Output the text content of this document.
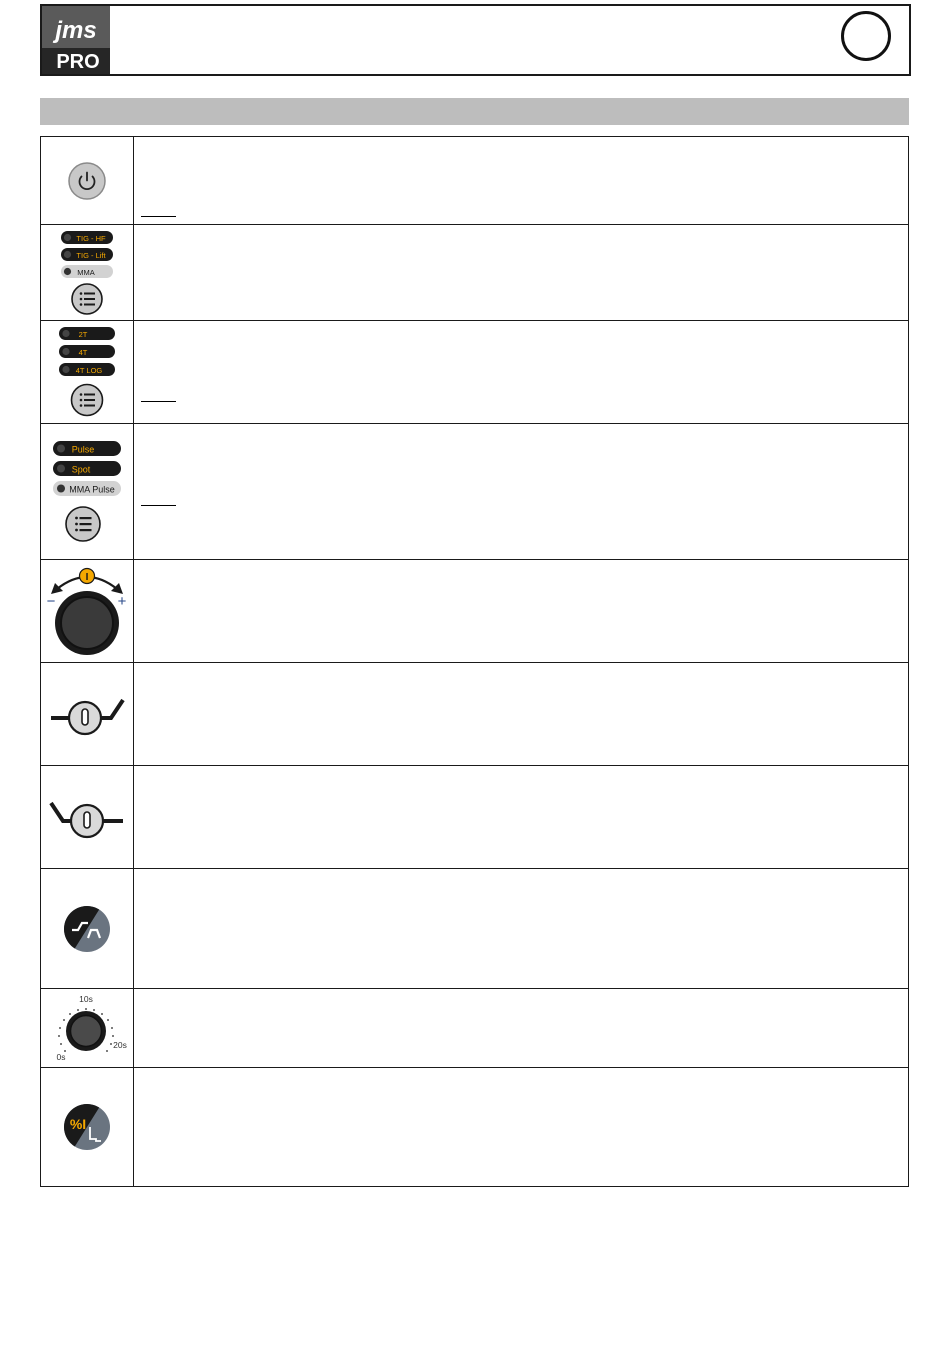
jms
PRO

TIG - HF
TIG - Lift
MMA	

2T
4T
4T LOG	

Pulse
Spot
MMA Pulse	

I
− +	

10s
0s
20s	

%I	
